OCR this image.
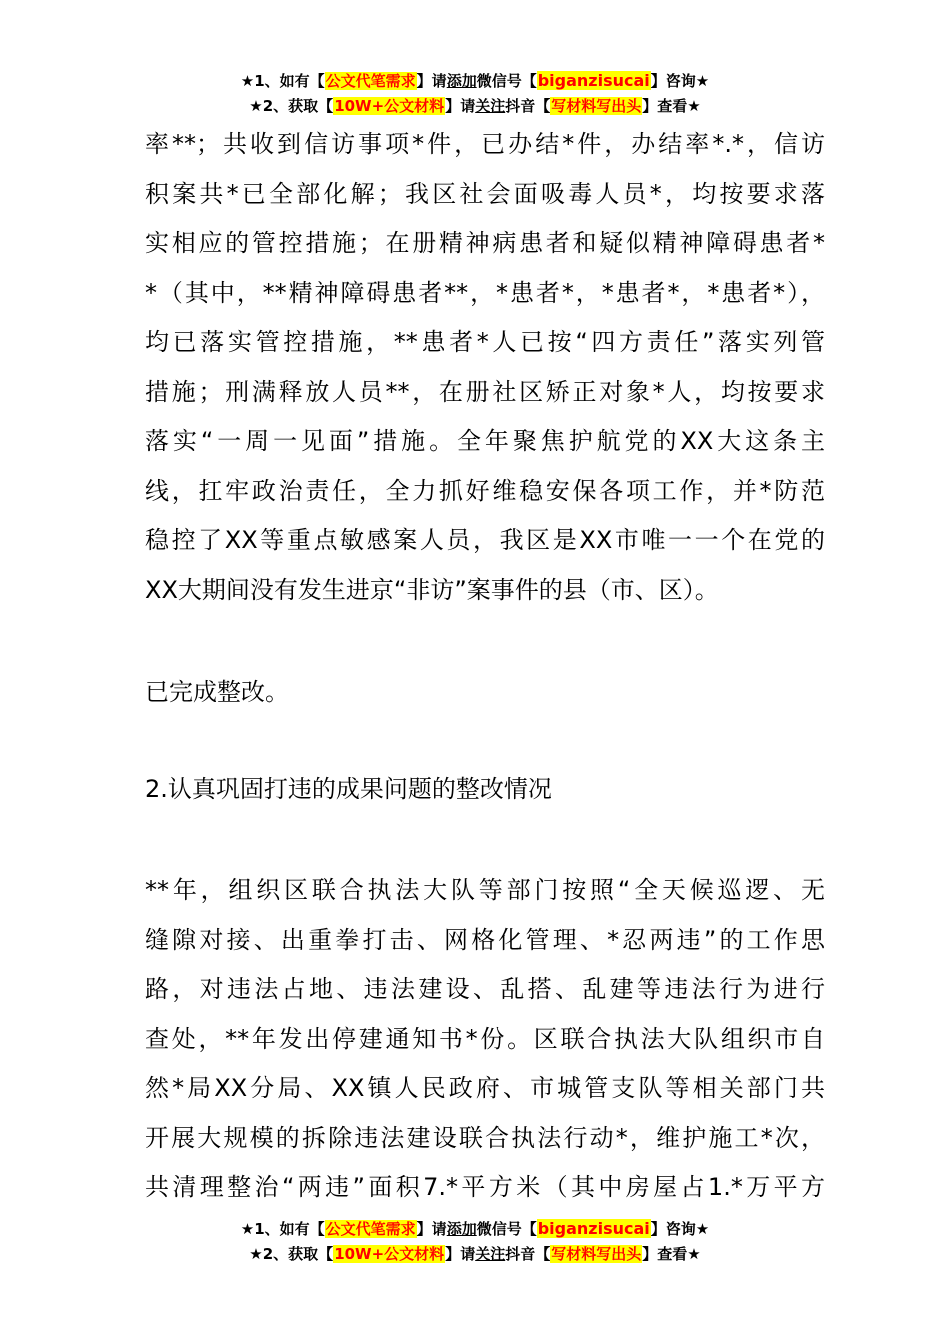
★1、如有【公文代笔需求】请添加微信号【biganzisucai】咨询★
★2、获取【10W+公文材料】请关注抖音【写材料写出头】查看★
率**；共收到信访事项*件，已办结*件，办结率*.*，信访
积案共*已全部化解；我区社会面吸毒人员*，均按要求落
实相应的管控措施；在册精神病患者和疑似精神障碍患者*
*（其中，**精神障碍患者**，*患者*，*患者*，*患者*），
均已落实管控措施，**患者*人已按“四方责任”落实列管
措施；刑满释放人员**，在册社区矫正对象*人，均按要求
落实“一周一见面”措施。全年聚焦护航党的XX大这条主
线，扛牢政治责任，全力抓好维稳安保各项工作，并*防范
稳控了XX等重点敏感案人员，我区是XX市唯一一个在党的
XX大期间没有发生进京“非访”案事件的县（市、区）。
已完成整改。
2.认真巩固打违的成果问题的整改情况
**年，组织区联合执法大队等部门按照“全天候巡逻、无
缝隙对接、出重拳打击、网格化管理、*忍两违”的工作思
路，对违法占地、违法建设、乱搭、乱建等违法行为进行
查处，**年发出停建通知书*份。区联合执法大队组织市自
然*局XX分局、XX镇人民政府、市城管支队等相关部门共
开展大规模的拆除违法建设联合执法行动*，维护施工*次，
共清理整治“两违”面积7.*平方米（其中房屋占1.*万平方
★1、如有【公文代笔需求】请添加微信号【biganzisucai】咨询★
★2、获取【10W+公文材料】请关注抖音【写材料写出头】查看★
